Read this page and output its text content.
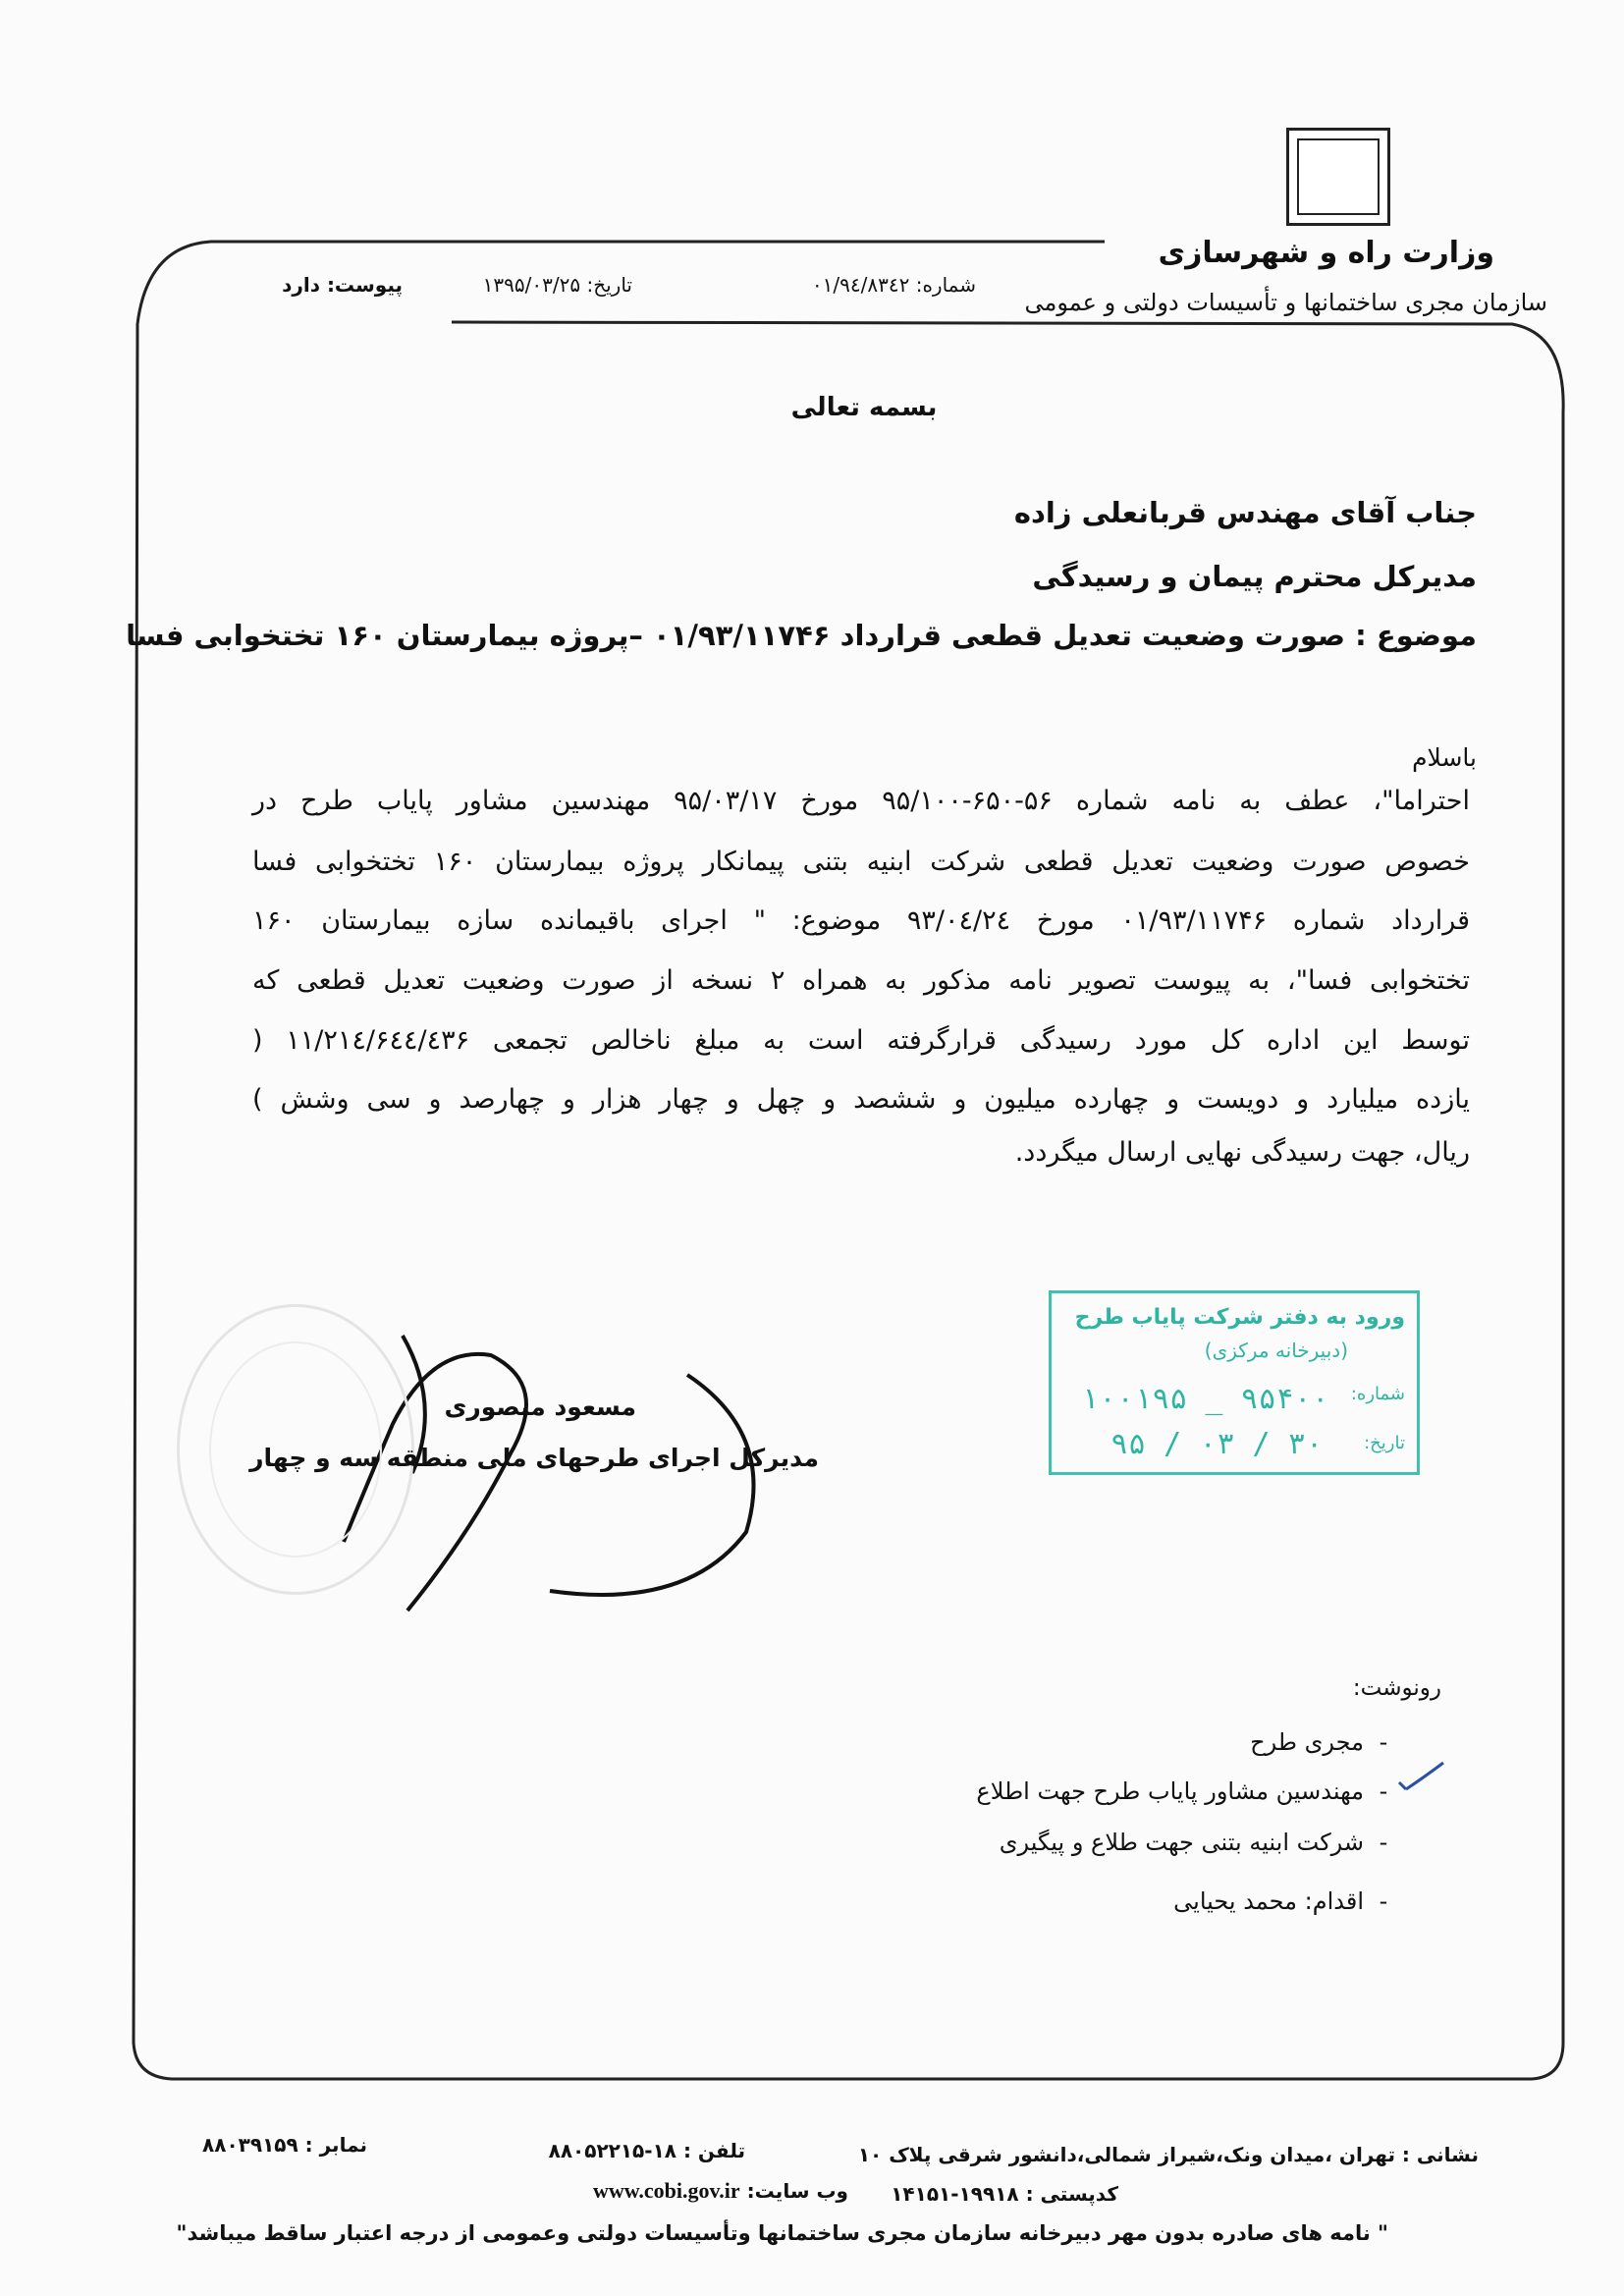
وزارت راه و شهرسازی
سازمان مجری ساختمانها و تأسیسات دولتی و عمومی
شماره: ۰۱/۹٤/۸۳٤۲
تاریخ: ۱۳۹۵/۰۳/۲۵
پیوست: دارد
بسمه تعالی
جناب آقای مهندس قربانعلی زاده
مدیرکل محترم پیمان و رسیدگی
موضوع : صورت وضعیت تعدیل قطعی قرارداد ۰۱/۹۳/۱۱۷۴۶ –پروژه بیمارستان ۱۶۰ تختخوابی فسا
باسلام
احتراما"، عطف به نامه شماره ۵۶-۶۵۰-۹۵/۱۰۰ مورخ ۹۵/۰۳/۱۷ مهندسین مشاور پایاب طرح در
خصوص صورت وضعیت تعدیل قطعی شرکت ابنیه بتنی پیمانکار پروژه بیمارستان ۱۶۰ تختخوابی فسا
قرارداد شماره ۰۱/۹۳/۱۱۷۴۶ مورخ ۹۳/۰٤/۲٤ موضوع: " اجرای باقیمانده سازه بیمارستان ۱۶۰
تختخوابی فسا"، به پیوست تصویر نامه مذکور به همراه ۲ نسخه از صورت وضعیت تعدیل قطعی که
توسط این اداره کل مورد رسیدگی قرارگرفته است به مبلغ ناخالص تجمعی ۱۱/۲۱٤/۶٤٤/٤۳۶ (
یازده میلیارد و دویست و چهارده میلیون و ششصد و چهل و چهار هزار و چهارصد و سی وشش )
ریال، جهت رسیدگی نهایی ارسال میگردد.
ورود به دفتر شرکت پایاب طرح
(دبیرخانه مرکزی)
شماره:
۱۰۰۱۹۵ _ ۹۵۴۰۰
تاریخ:
۹۵ / ۰۳ / ۳۰
مسعود منصوری
مدیرکل اجرای طرحهای ملی منطقه سه و چهار
رونوشت:
-مجری طرح
-مهندسین مشاور پایاب طرح جهت اطلاع
-شرکت ابنیه بتنی جهت طلاع و پیگیری
-اقدام: محمد یحیایی
نشانی : تهران ،میدان ونک،شیراز شمالی،دانشور شرقی پلاک ۱۰
تلفن : ۱۸-۸۸۰۵۲۲۱۵
نمابر : ۸۸۰۳۹۱۵۹
کدپستی : ۱۹۹۱۸-۱۴۱۵۱
وب سایت: www.cobi.gov.ir
" نامه های صادره بدون مهر دبیرخانه سازمان مجری ساختمانها وتأسیسات دولتی وعمومی از درجه اعتبار ساقط میباشد"
